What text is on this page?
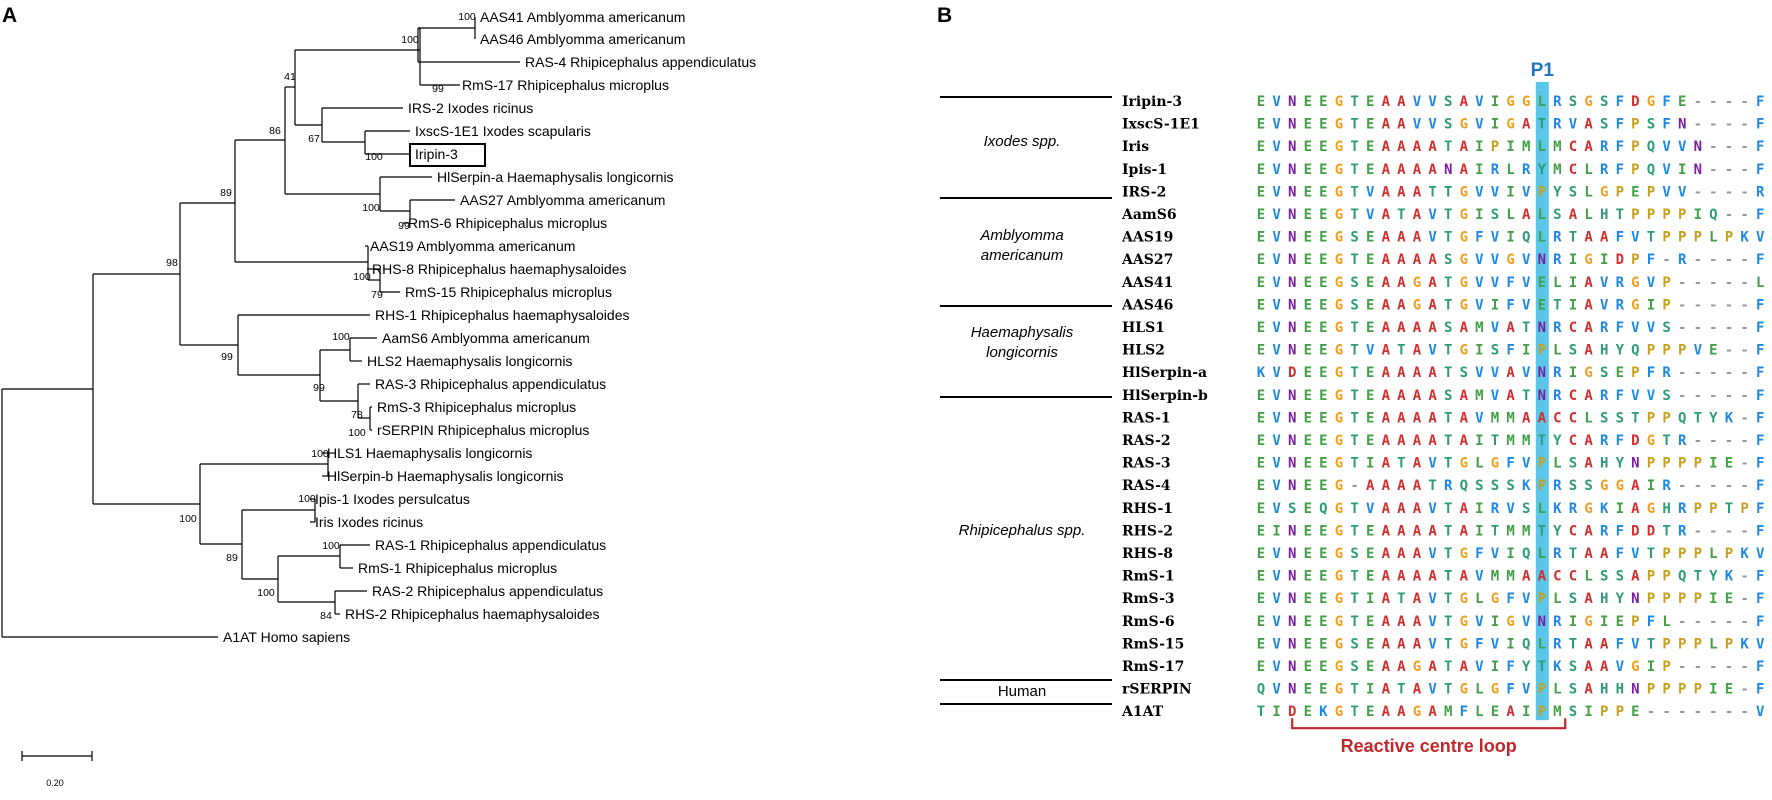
A	B
AAS41 Amblyomma americanum
AAS46 Amblyomma americanum
RAS-4 Rhipicephalus appendiculatus
RmS-17 Rhipicephalus microplus
IRS-2 Ixodes ricinus
IxscS-1E1 Ixodes scapularis
Iripin-3
HlSerpin-a Haemaphysalis longicornis
AAS27 Amblyomma americanum
RmS-6 Rhipicephalus microplus
AAS19 Amblyomma americanum
RHS-8 Rhipicephalus haemaphysaloides
RmS-15 Rhipicephalus microplus
RHS-1 Rhipicephalus haemaphysaloides
AamS6 Amblyomma americanum
HLS2 Haemaphysalis longicornis
RAS-3 Rhipicephalus appendiculatus
RmS-3 Rhipicephalus microplus
rSERPIN Rhipicephalus microplus
HLS1 Haemaphysalis longicornis
HlSerpin-b Haemaphysalis longicornis
Ipis-1 Ixodes persulcatus
Iris Ixodes ricinus
RAS-1 Rhipicephalus appendiculatus
RmS-1 Rhipicephalus microplus
RAS-2 Rhipicephalus appendiculatus
RHS-2 Rhipicephalus haemaphysaloides
A1AT Homo sapiens
100
100
41
99
67
100
86
100
99
89
100
79
98
99
78
100
99
100
100
100
100
89
100
84
100
0.20
P1
Iripin-3	E V N E E G T E A A V V S A V I G G L R S G S F D G F E - - - - F
IxscS-1E1	E V N E E G T E A A V V S G V I G A T R V A S F P S F N - - - - F
Iris	E V N E E G T E A A A A T A I P I M L M C A R F P Q V V N - - - F
Ipis-1	E V N E E G T E A A A A N A I R L R Y M C L R F P Q V I N - - - F
IRS-2	E V N E E G T V A A A T T G V V I V P Y S L G P E P V V - - - - R
AamS6	E V N E E G T V A T A V T G I S L A L S A L H T P P P P I Q - - F
AAS19	E V N E E G S E A A A V T G F V I Q L R T A A F V T P P P L P K V
AAS27	E V N E E G T E A A A A S G V V G V N R I G I D P F - R - - - - F
AAS41	E V N E E G S E A A G A T G V V F V E L I A V R G V P - - - - - L
AAS46	E V N E E G S E A A G A T G V I F V E T I A V R G I P - - - - - F
HLS1	E V N E E G T E A A A A S A M V A T N R C A R F V V S - - - - - F
HLS2	E V N E E G T V A T A V T G I S F I P L S A H Y Q P P P V E - - F
HlSerpin-a	K V D E E G T E A A A A T S V V A V N R I G S E P F R - - - - - F
HlSerpin-b	E V N E E G T E A A A A S A M V A T N R C A R F V V S - - - - - F
RAS-1	E V N E E G T E A A A A T A V M M A A C C L S S T P P Q T Y K - F
RAS-2	E V N E E G T E A A A A T A I T M M T Y C A R F D G T R - - - - F
RAS-3	E V N E E G T I A T A V T G L G F V P L S A H Y N P P P P I E - F
RAS-4	E V N E E G - A A A A T R Q S S S K P R S S G G A I R - - - - - F
RHS-1	E V S E Q G T V A A A V T A I R V S L K R G K I A G H R P P T P F
RHS-2	E I N E E G T E A A A A T A I T M M T Y C A R F D D T R - - - - F
RHS-8	E V N E E G S E A A A V T G F V I Q L R T A A F V T P P P L P K V
RmS-1	E V N E E G T E A A A A T A V M M A A C C L S S A P P Q T Y K - F
RmS-3	E V N E E G T I A T A V T G L G F V P L S A H Y N P P P P I E - F
RmS-6	E V N E E G T E A A A V T G V I G V N R I G I E P F L - - - - - F
RmS-15	E V N E E G S E A A A V T G F V I Q L R T A A F V T P P P L P K V
RmS-17	E V N E E G S E A A G A T A V I F Y T K S A A V G I P - - - - - F
rSERPIN	Q V N E E G T I A T A V T G L G F V P L S A H H N P P P P I E - F
A1AT	T I D E K G T E A A G A M F L E A I P M S I P P E - - - - - - - V
Ixodes spp.
Amblyomma
americanum
Haemaphysalis
longicornis
Rhipicephalus spp.
Human
Reactive centre loop
